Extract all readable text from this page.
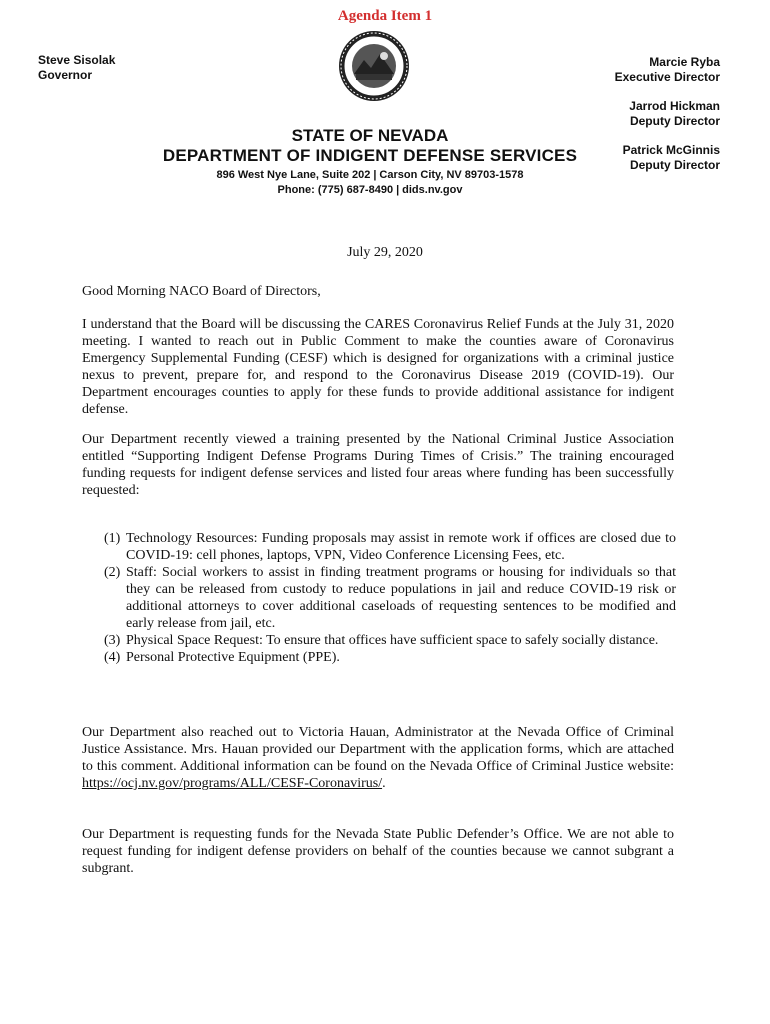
Agenda Item 1
Steve Sisolak
Governor
Marcie Ryba
Executive Director
Jarrod Hickman
Deputy Director
Patrick McGinnis
Deputy Director
STATE OF NEVADA
DEPARTMENT OF INDIGENT DEFENSE SERVICES
896 West Nye Lane, Suite 202 | Carson City, NV 89703-1578
Phone: (775) 687-8490 | dids.nv.gov
July 29, 2020
Good Morning NACO Board of Directors,
I understand that the Board will be discussing the CARES Coronavirus Relief Funds at the July 31, 2020 meeting. I wanted to reach out in Public Comment to make the counties aware of Coronavirus Emergency Supplemental Funding (CESF) which is designed for organizations with a criminal justice nexus to prevent, prepare for, and respond to the Coronavirus Disease 2019 (COVID-19). Our Department encourages counties to apply for these funds to provide additional assistance for indigent defense.
Our Department recently viewed a training presented by the National Criminal Justice Association entitled “Supporting Indigent Defense Programs During Times of Crisis.” The training encouraged funding requests for indigent defense services and listed four areas where funding has been successfully requested:
(1) Technology Resources: Funding proposals may assist in remote work if offices are closed due to COVID-19: cell phones, laptops, VPN, Video Conference Licensing Fees, etc.
(2) Staff: Social workers to assist in finding treatment programs or housing for individuals so that they can be released from custody to reduce populations in jail and reduce COVID-19 risk or additional attorneys to cover additional caseloads of requesting sentences to be modified and early release from jail, etc.
(3) Physical Space Request: To ensure that offices have sufficient space to safely socially distance.
(4) Personal Protective Equipment (PPE).
Our Department also reached out to Victoria Hauan, Administrator at the Nevada Office of Criminal Justice Assistance. Mrs. Hauan provided our Department with the application forms, which are attached to this comment. Additional information can be found on the Nevada Office of Criminal Justice website: https://ocj.nv.gov/programs/ALL/CESF-Coronavirus/.
Our Department is requesting funds for the Nevada State Public Defender’s Office. We are not able to request funding for indigent defense providers on behalf of the counties because we cannot subgrant a subgrant.
